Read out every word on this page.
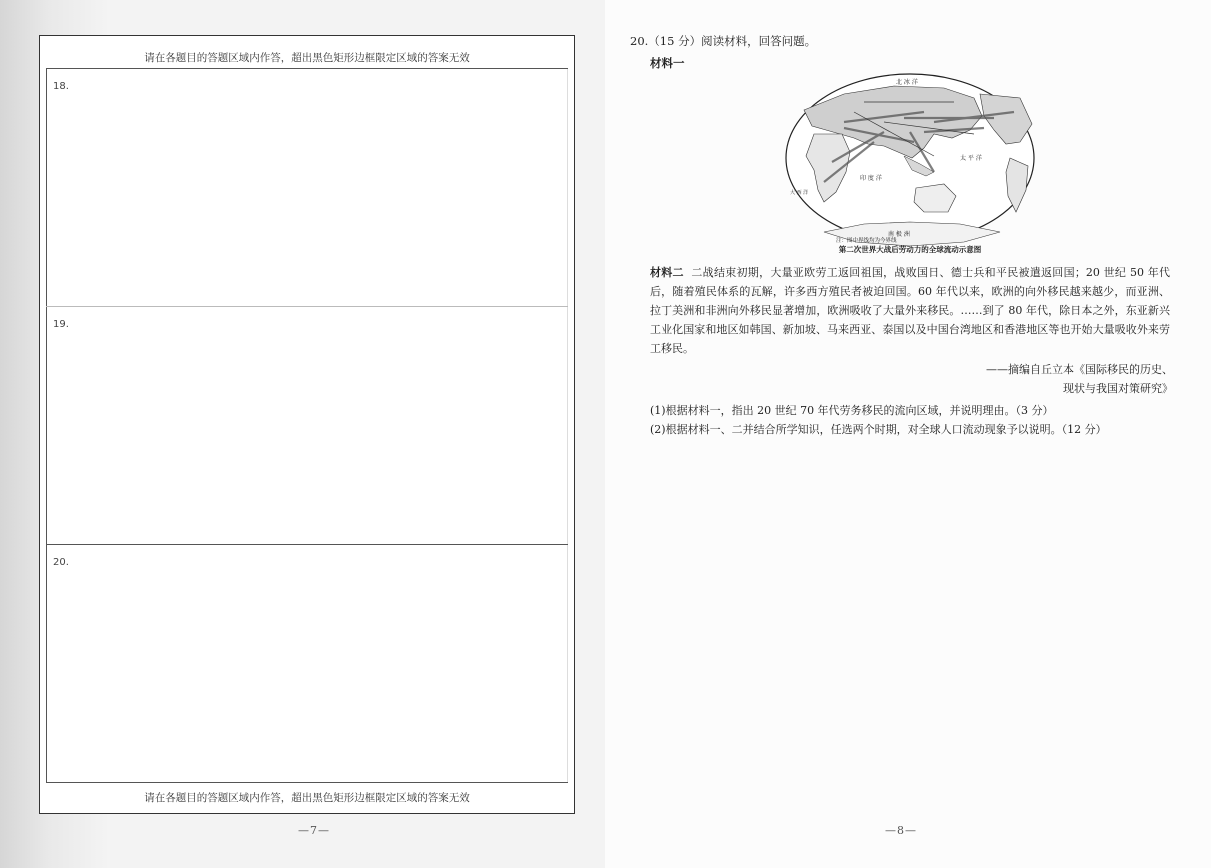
请在各题目的答题区域内作答，超出黑色矩形边框限定区域的答案无效
18.
19.
20.
请在各题目的答题区域内作答，超出黑色矩形边框限定区域的答案无效
—7—
20.（15 分）阅读材料，回答问题。
材料一
北 冰 洋
太 平 洋
印 度 洋
大 西 洋
南 极 洲
注：图中界线均为今界线
第二次世界大战后劳动力的全球流动示意图
材料二 二战结束初期，大量亚欧劳工返回祖国，战败国日、德士兵和平民被遣返回国；20 世纪 50 年代后，随着殖民体系的瓦解，许多西方殖民者被迫回国。60 年代以来，欧洲的向外移民越来越少，而亚洲、拉丁美洲和非洲向外移民显著增加，欧洲吸收了大量外来移民。……到了 80 年代，除日本之外，东亚新兴工业化国家和地区如韩国、新加坡、马来西亚、泰国以及中国台湾地区和香港地区等也开始大量吸收外来劳工移民。
——摘编自丘立本《国际移民的历史、
现状与我国对策研究》
(1)根据材料一，指出 20 世纪 70 年代劳务移民的流向区域，并说明理由。（3 分）
(2)根据材料一、二并结合所学知识，任选两个时期，对全球人口流动现象予以说明。（12 分）
—8—
